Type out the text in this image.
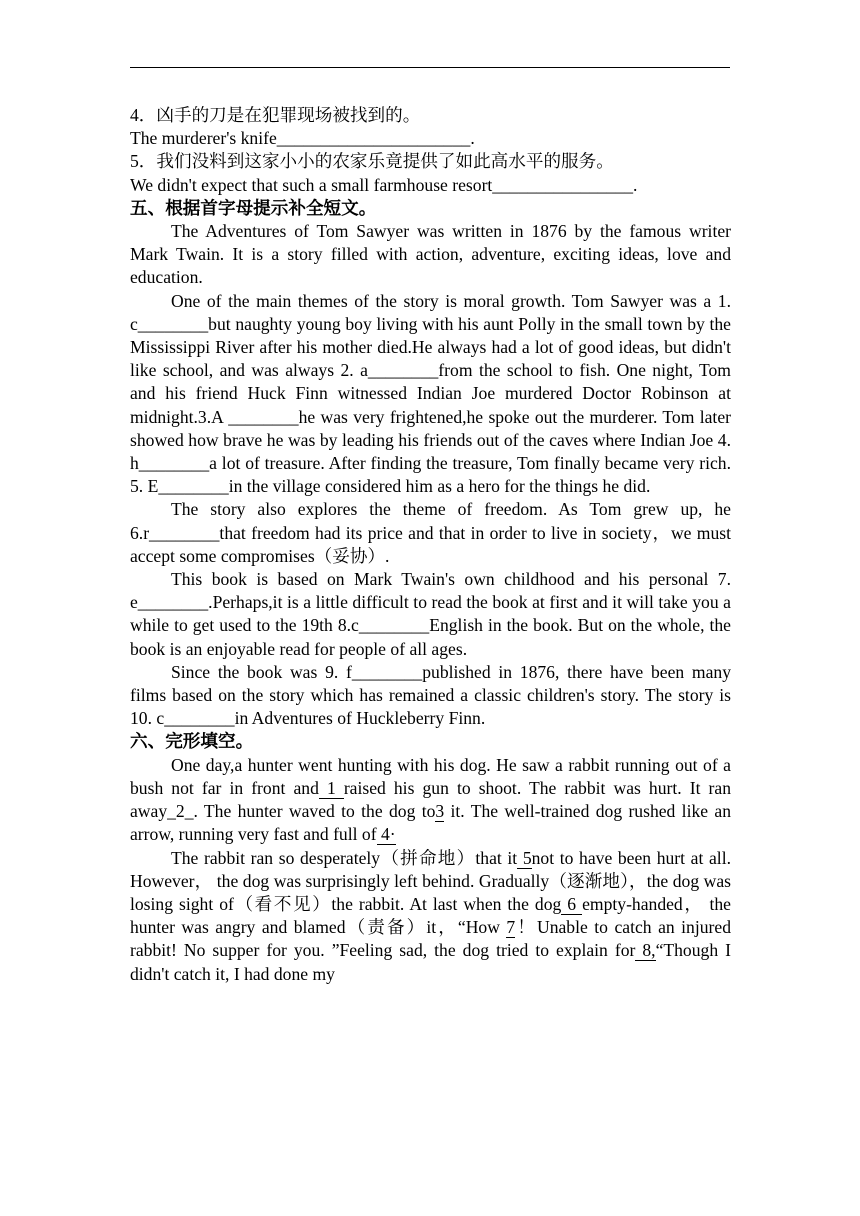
4．凶手的刀是在犯罪现场被找到的。

The murderer's knife______________________.

5．我们没料到这家小小的农家乐竟提供了如此高水平的服务。

We didn't expect that such a small farmhouse resort________________.

五、根据首字母提示补全短文。

The Adventures of Tom Sawyer was written in 1876 by the famous writer Mark Twain. It is a story filled with action, adventure, exciting ideas, love and education.

One of the main themes of the story is moral growth. Tom Sawyer was a 1. c________but naughty young boy living with his aunt Polly in the small town by the Mississippi River after his mother died.He always had a lot of good ideas, but didn't like school, and was always 2. a________from the school to fish. One night, Tom and his friend Huck Finn witnessed Indian Joe murdered Doctor Robinson at midnight.3.A ________he was very frightened,he spoke out the murderer. Tom later showed how brave he was by leading his friends out of the caves where Indian Joe 4. h________a lot of treasure. After finding the treasure, Tom finally became very rich. 5. E________in the village considered him as a hero for the things he did.

The story also explores the theme of freedom. As Tom grew up, he 6.r________that freedom had its price and that in order to live in society，we must accept some compromises（妥协）.

This book is based on Mark Twain's own childhood and his personal 7. e________.Perhaps,it is a little difficult to read the book at first and it will take you a while to get used to the 19th 8.c________English in the book. But on the whole, the book is an enjoyable read for people of all ages.

Since the book was 9. f________published in 1876, there have been many films based on the story which has remained a classic children's story. The story is 10. c________in Adventures of Huckleberry Finn.

六、完形填空。

One day,a hunter went hunting with his dog. He saw a rabbit running out of a bush not far in front and 1 raised his gun to shoot. The rabbit was hurt. It ran away_2_. The hunter waved to the dog to3 it. The well-trained dog rushed like an arrow, running very fast and full of 4·

The rabbit ran so desperately（拼命地）that it 5not to have been hurt at all. However， the dog was surprisingly left behind. Gradually（逐渐地），the dog was losing sight of（看不见）the rabbit. At last when the dog 6 empty-handed， the hunter was angry and blamed（责备）it，“How 7！Unable to catch an injured rabbit! No supper for you. ”Feeling sad, the dog tried to explain for 8,“Though I didn't catch it, I had done my
